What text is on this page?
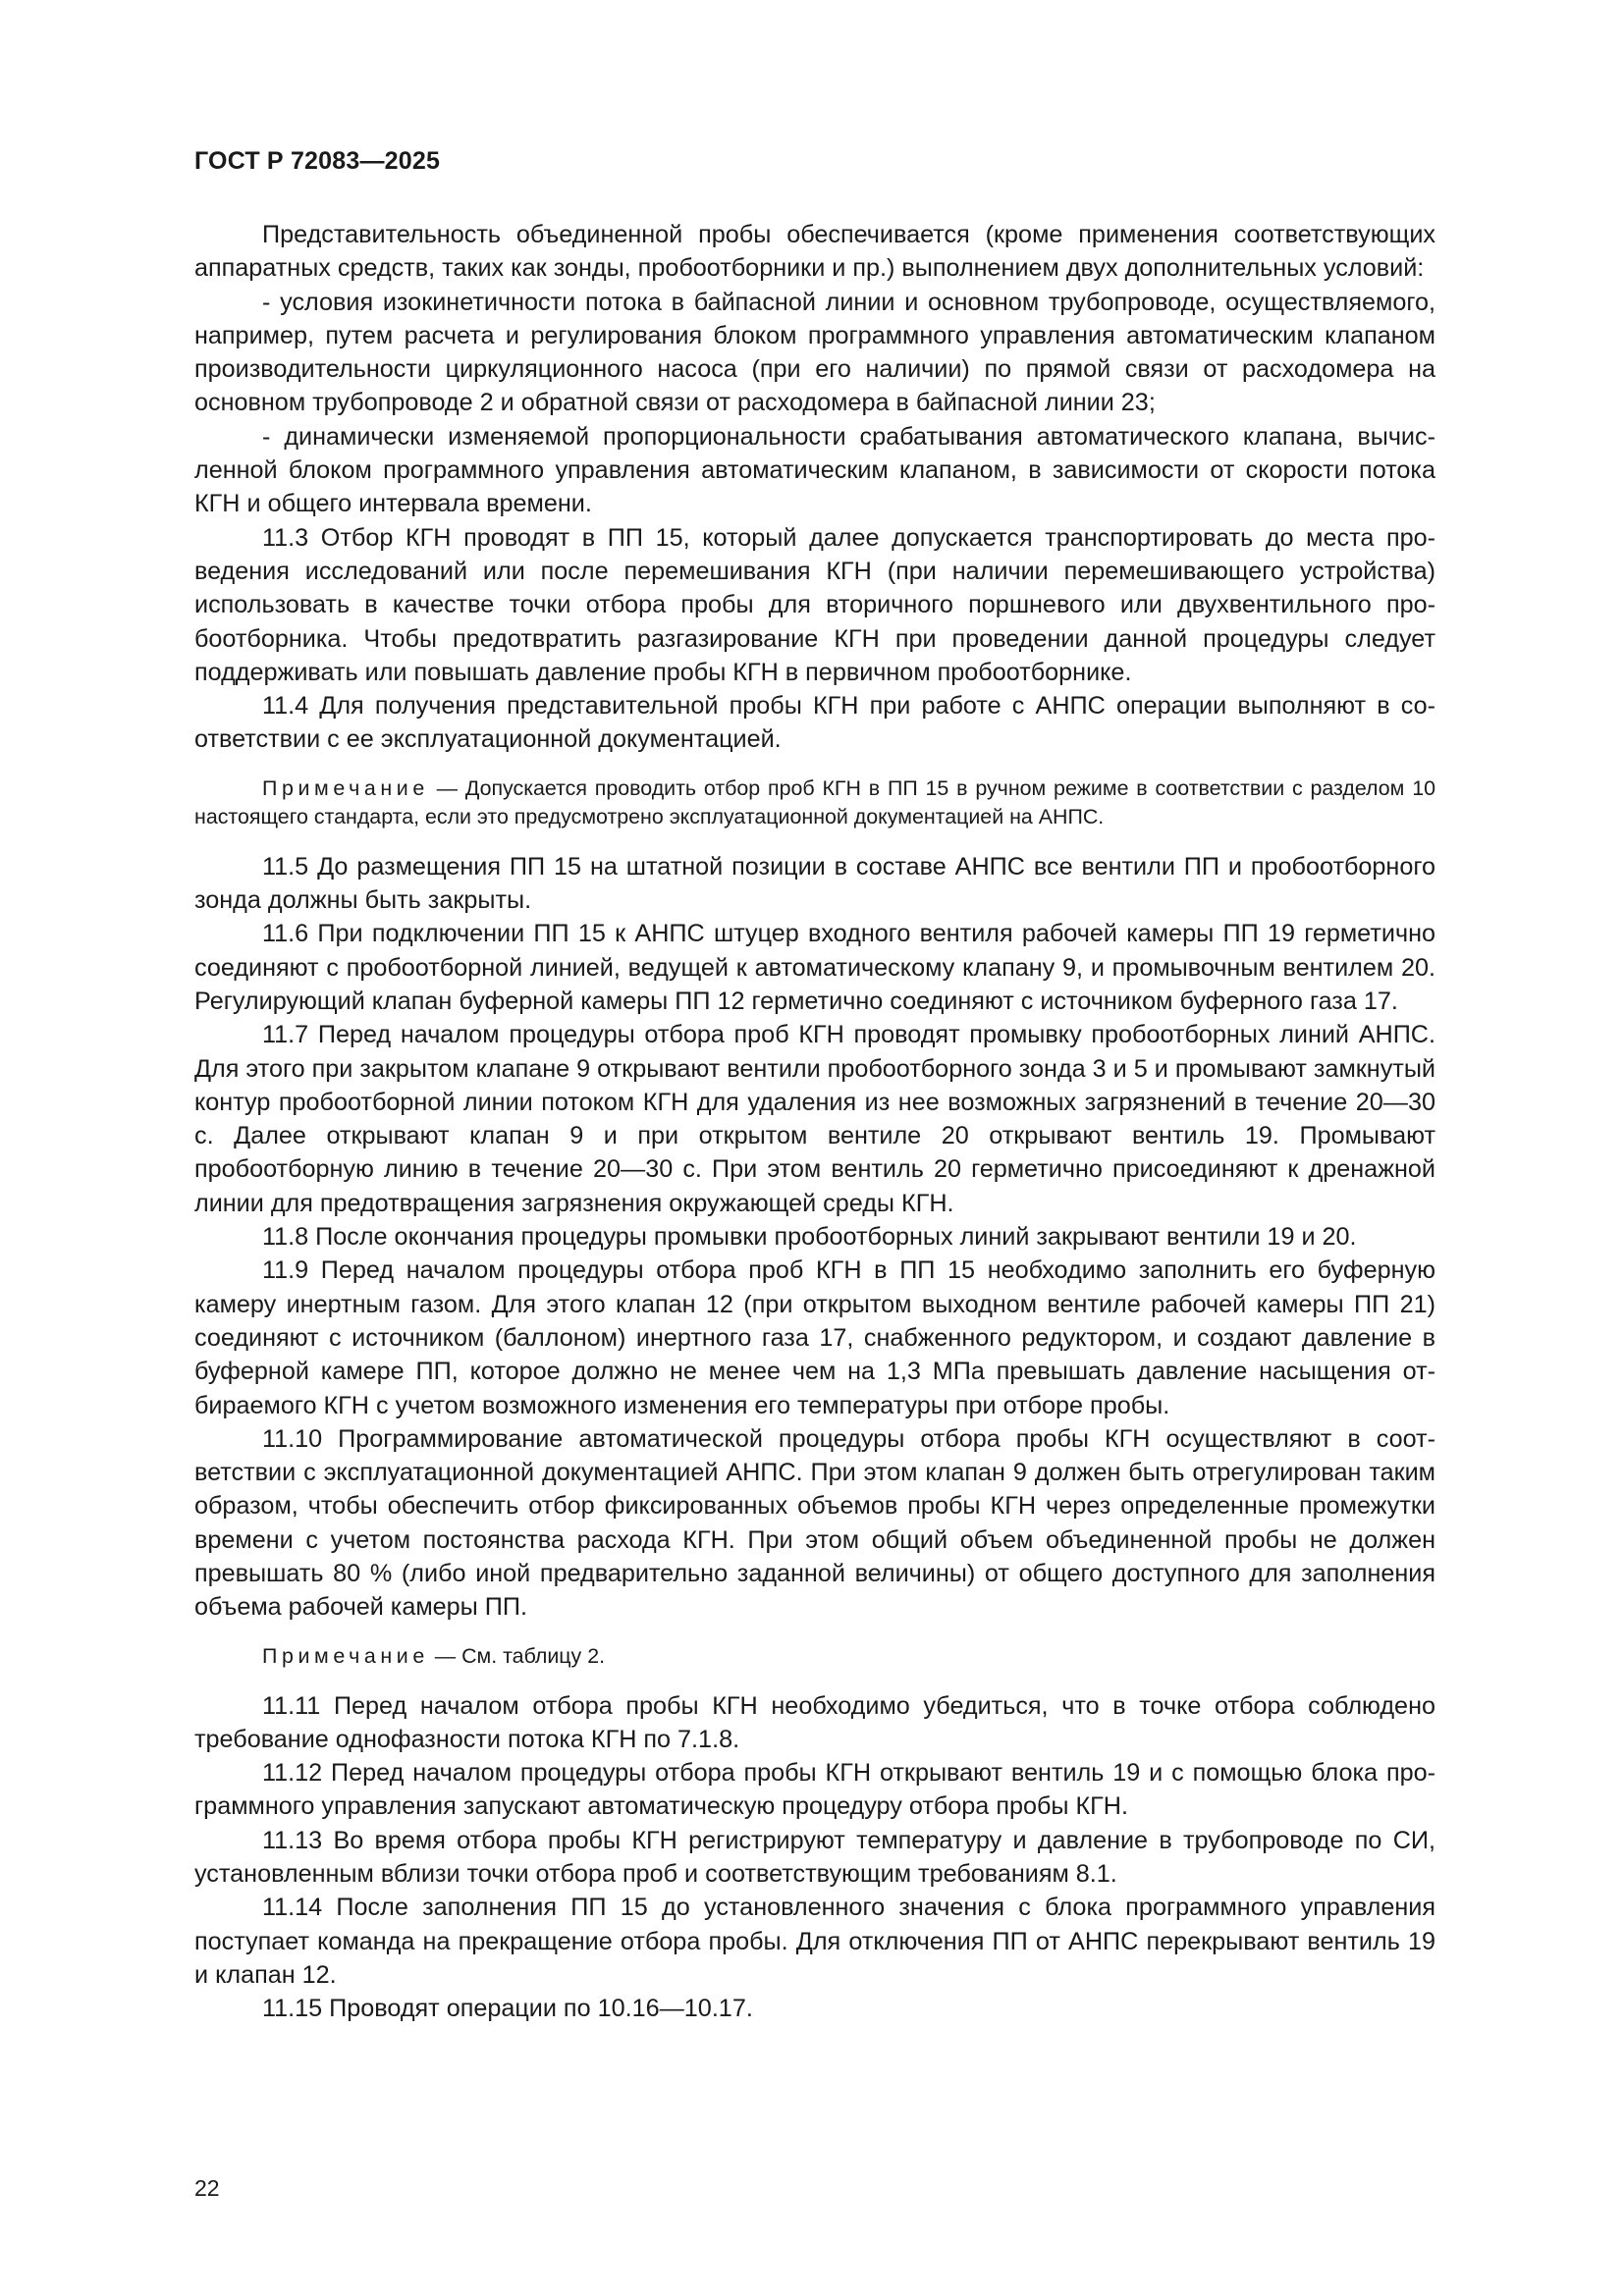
ГОСТ Р 72083—2025

Представительность объединенной пробы обеспечивается (кроме применения соответствующих аппаратных средств, таких как зонды, пробоотборники и пр.) выполнением двух дополнительных условий:

- условия изокинетичности потока в байпасной линии и основном трубопроводе, осуществляемого, например, путем расчета и регулирования блоком программного управления автоматическим клапаном производительности циркуляционного насоса (при его наличии) по прямой связи от расходомера на основном трубопроводе 2 и обратной связи от расходомера в байпасной линии 23;

- динамически изменяемой пропорциональности срабатывания автоматического клапана, вычисленной блоком программного управления автоматическим клапаном, в зависимости от скорости потока КГН и общего интервала времени.

11.3 Отбор КГН проводят в ПП 15, который далее допускается транспортировать до места проведения исследований или после перемешивания КГН (при наличии перемешивающего устройства) использовать в качестве точки отбора пробы для вторичного поршневого или двухвентильного пробоотборника. Чтобы предотвратить разгазирование КГН при проведении данной процедуры следует поддерживать или повышать давление пробы КГН в первичном пробоотборнике.

11.4 Для получения представительной пробы КГН при работе с АНПС операции выполняют в соответствии с ее эксплуатационной документацией.

Примечание — Допускается проводить отбор проб КГН в ПП 15 в ручном режиме в соответствии с разделом 10 настоящего стандарта, если это предусмотрено эксплуатационной документацией на АНПС.

11.5 До размещения ПП 15 на штатной позиции в составе АНПС все вентили ПП и пробоотборного зонда должны быть закрыты.

11.6 При подключении ПП 15 к АНПС штуцер входного вентиля рабочей камеры ПП 19 герметично соединяют с пробоотборной линией, ведущей к автоматическому клапану 9, и промывочным вентилем 20. Регулирующий клапан буферной камеры ПП 12 герметично соединяют с источником буферного газа 17.

11.7 Перед началом процедуры отбора проб КГН проводят промывку пробоотборных линий АНПС. Для этого при закрытом клапане 9 открывают вентили пробоотборного зонда 3 и 5 и промывают замкнутый контур пробоотборной линии потоком КГН для удаления из нее возможных загрязнений в течение 20—30 с. Далее открывают клапан 9 и при открытом вентиле 20 открывают вентиль 19. Промывают пробоотборную линию в течение 20—30 с. При этом вентиль 20 герметично присоединяют к дренажной линии для предотвращения загрязнения окружающей среды КГН.

11.8 После окончания процедуры промывки пробоотборных линий закрывают вентили 19 и 20.

11.9 Перед началом процедуры отбора проб КГН в ПП 15 необходимо заполнить его буферную камеру инертным газом. Для этого клапан 12 (при открытом выходном вентиле рабочей камеры ПП 21) соединяют с источником (баллоном) инертного газа 17, снабженного редуктором, и создают давление в буферной камере ПП, которое должно не менее чем на 1,3 МПа превышать давление насыщения отбираемого КГН с учетом возможного изменения его температуры при отборе пробы.

11.10 Программирование автоматической процедуры отбора пробы КГН осуществляют в соответствии с эксплуатационной документацией АНПС. При этом клапан 9 должен быть отрегулирован таким образом, чтобы обеспечить отбор фиксированных объемов пробы КГН через определенные промежутки времени с учетом постоянства расхода КГН. При этом общий объем объединенной пробы не должен превышать 80 % (либо иной предварительно заданной величины) от общего доступного для заполнения объема рабочей камеры ПП.

Примечание — См. таблицу 2.

11.11 Перед началом отбора пробы КГН необходимо убедиться, что в точке отбора соблюдено требование однофазности потока КГН по 7.1.8.

11.12 Перед началом процедуры отбора пробы КГН открывают вентиль 19 и с помощью блока программного управления запускают автоматическую процедуру отбора пробы КГН.

11.13 Во время отбора пробы КГН регистрируют температуру и давление в трубопроводе по СИ, установленным вблизи точки отбора проб и соответствующим требованиям 8.1.

11.14 После заполнения ПП 15 до установленного значения с блока программного управления поступает команда на прекращение отбора пробы. Для отключения ПП от АНПС перекрывают вентиль 19 и клапан 12.

11.15 Проводят операции по 10.16—10.17.

22
